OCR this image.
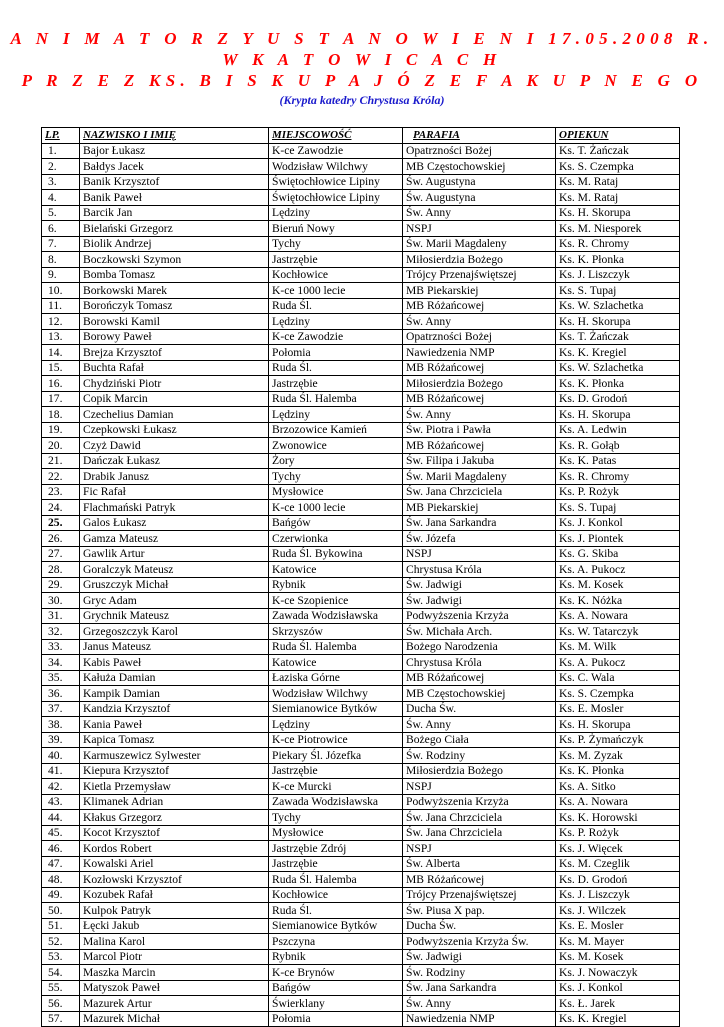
A N I M A T O R Z Y U S T A N O W I E N I 17.05.2008 R.
W K A T O W I C A C H
P R Z E Z KS. B I S K U P A J Ó Z E F A K U P N E G O
(Krypta katedry Chrystusa Króla)
LP.	NAZWISKO I IMIĘ	MIEJSCOWOŚĆ	PARAFIA	OPIEKUN
1.	Bajor Łukasz	K-ce Zawodzie	Opatrzności Bożej	Ks. T. Żańczak
2.	Bałdys Jacek	Wodzisław Wilchwy	MB Częstochowskiej	Ks. S. Czempka
3.	Banik Krzysztof	Świętochłowice Lipiny	Św. Augustyna	Ks. M. Rataj
4.	Banik Paweł	Świętochłowice Lipiny	Św. Augustyna	Ks. M. Rataj
5.	Barcik Jan	Lędziny	Św. Anny	Ks. H. Skorupa
6.	Bielański Grzegorz	Bieruń Nowy	NSPJ	Ks. M. Niesporek
7.	Biolik Andrzej	Tychy	Św. Marii Magdaleny	Ks. R. Chromy
8.	Boczkowski Szymon	Jastrzębie	Miłosierdzia Bożego	Ks. K. Płonka
9.	Bomba Tomasz	Kochłowice	Trójcy Przenajświętszej	Ks. J. Liszczyk
10.	Borkowski Marek	K-ce 1000 lecie	MB Piekarskiej	Ks. S. Tupaj
11.	Borończyk Tomasz	Ruda Śl.	MB Różańcowej	Ks. W. Szlachetka
12.	Borowski Kamil	Lędziny	Św. Anny	Ks. H. Skorupa
13.	Borowy Paweł	K-ce Zawodzie	Opatrzności Bożej	Ks. T. Żańczak
14.	Brejza Krzysztof	Połomia	Nawiedzenia NMP	Ks. K. Kregiel
15.	Buchta Rafał	Ruda Śl.	MB Różańcowej	Ks. W. Szlachetka
16.	Chydziński Piotr	Jastrzębie	Miłosierdzia Bożego	Ks. K. Płonka
17.	Copik Marcin	Ruda Śl. Halemba	MB Różańcowej	Ks. D. Grodoń
18.	Czechelius Damian	Lędziny	Św. Anny	Ks. H. Skorupa
19.	Czepkowski Łukasz	Brzozowice Kamień	Św. Piotra i Pawła	Ks. A. Ledwin
20.	Czyż Dawid	Zwonowice	MB Różańcowej	Ks. R. Gołąb
21.	Dańczak Łukasz	Żory	Św. Filipa i Jakuba	Ks. K. Patas
22.	Drabik Janusz	Tychy	Św. Marii Magdaleny	Ks. R. Chromy
23.	Fic Rafał	Mysłowice	Św. Jana Chrzciciela	Ks. P. Rożyk
24.	Flachmański Patryk	K-ce 1000 lecie	MB Piekarskiej	Ks. S. Tupaj
25.	Galos Łukasz	Bańgów	Św. Jana Sarkandra	Ks. J. Konkol
26.	Gamza Mateusz	Czerwionka	Św. Józefa	Ks. J. Piontek
27.	Gawlik Artur	Ruda Śl. Bykowina	NSPJ	Ks. G. Skiba
28.	Goralczyk Mateusz	Katowice	Chrystusa Króla	Ks. A. Pukocz
29.	Gruszczyk Michał	Rybnik	Św. Jadwigi	Ks. M. Kosek
30.	Gryc Adam	K-ce Szopienice	Św. Jadwigi	Ks. K. Nóżka
31.	Grychnik Mateusz	Zawada Wodzisławska	Podwyższenia Krzyża	Ks. A. Nowara
32.	Grzegoszczyk Karol	Skrzyszów	Św. Michała Arch.	Ks. W. Tatarczyk
33.	Janus Mateusz	Ruda Śl. Halemba	Bożego Narodzenia	Ks. M. Wilk
34.	Kabis Paweł	Katowice	Chrystusa Króla	Ks. A. Pukocz
35.	Kałuża Damian	Łaziska Górne	MB Różańcowej	Ks. C. Wala
36.	Kampik Damian	Wodzisław Wilchwy	MB Częstochowskiej	Ks. S. Czempka
37.	Kandzia Krzysztof	Siemianowice Bytków	Ducha Św.	Ks. E. Mosler
38.	Kania Paweł	Lędziny	Św. Anny	Ks. H. Skorupa
39.	Kapica Tomasz	K-ce Piotrowice	Bożego Ciała	Ks. P. Żymańczyk
40.	Karmuszewicz Sylwester	Piekary Śl. Józefka	Św. Rodziny	Ks. M. Zyzak
41.	Kiepura Krzysztof	Jastrzębie	Miłosierdzia Bożego	Ks. K. Płonka
42.	Kietla Przemysław	K-ce Murcki	NSPJ	Ks. A. Sitko
43.	Klimanek Adrian	Zawada Wodzisławska	Podwyższenia Krzyża	Ks. A. Nowara
44.	Kłakus Grzegorz	Tychy	Św. Jana Chrzciciela	Ks. K. Horowski
45.	Kocot Krzysztof	Mysłowice	Św. Jana Chrzciciela	Ks. P. Rożyk
46.	Kordos Robert	Jastrzębie Zdrój	NSPJ	Ks. J. Więcek
47.	Kowalski Ariel	Jastrzębie	Św. Alberta	Ks. M. Czeglik
48.	Kozłowski Krzysztof	Ruda Śl. Halemba	MB Różańcowej	Ks. D. Grodoń
49.	Kozubek Rafał	Kochłowice	Trójcy Przenajświętszej	Ks. J. Liszczyk
50.	Kulpok Patryk	Ruda Śl.	Św. Piusa X pap.	Ks. J. Wilczek
51.	Łęcki Jakub	Siemianowice Bytków	Ducha Św.	Ks. E. Mosler
52.	Malina Karol	Pszczyna	Podwyższenia Krzyża Św.	Ks. M. Mayer
53.	Marcol Piotr	Rybnik	Św. Jadwigi	Ks. M. Kosek
54.	Maszka Marcin	K-ce Brynów	Św. Rodziny	Ks. J. Nowaczyk
55.	Matyszok Paweł	Bańgów	Św. Jana Sarkandra	Ks. J. Konkol
56.	Mazurek Artur	Świerklany	Św. Anny	Ks. Ł. Jarek
57.	Mazurek Michał	Połomia	Nawiedzenia NMP	Ks. K. Kregiel
